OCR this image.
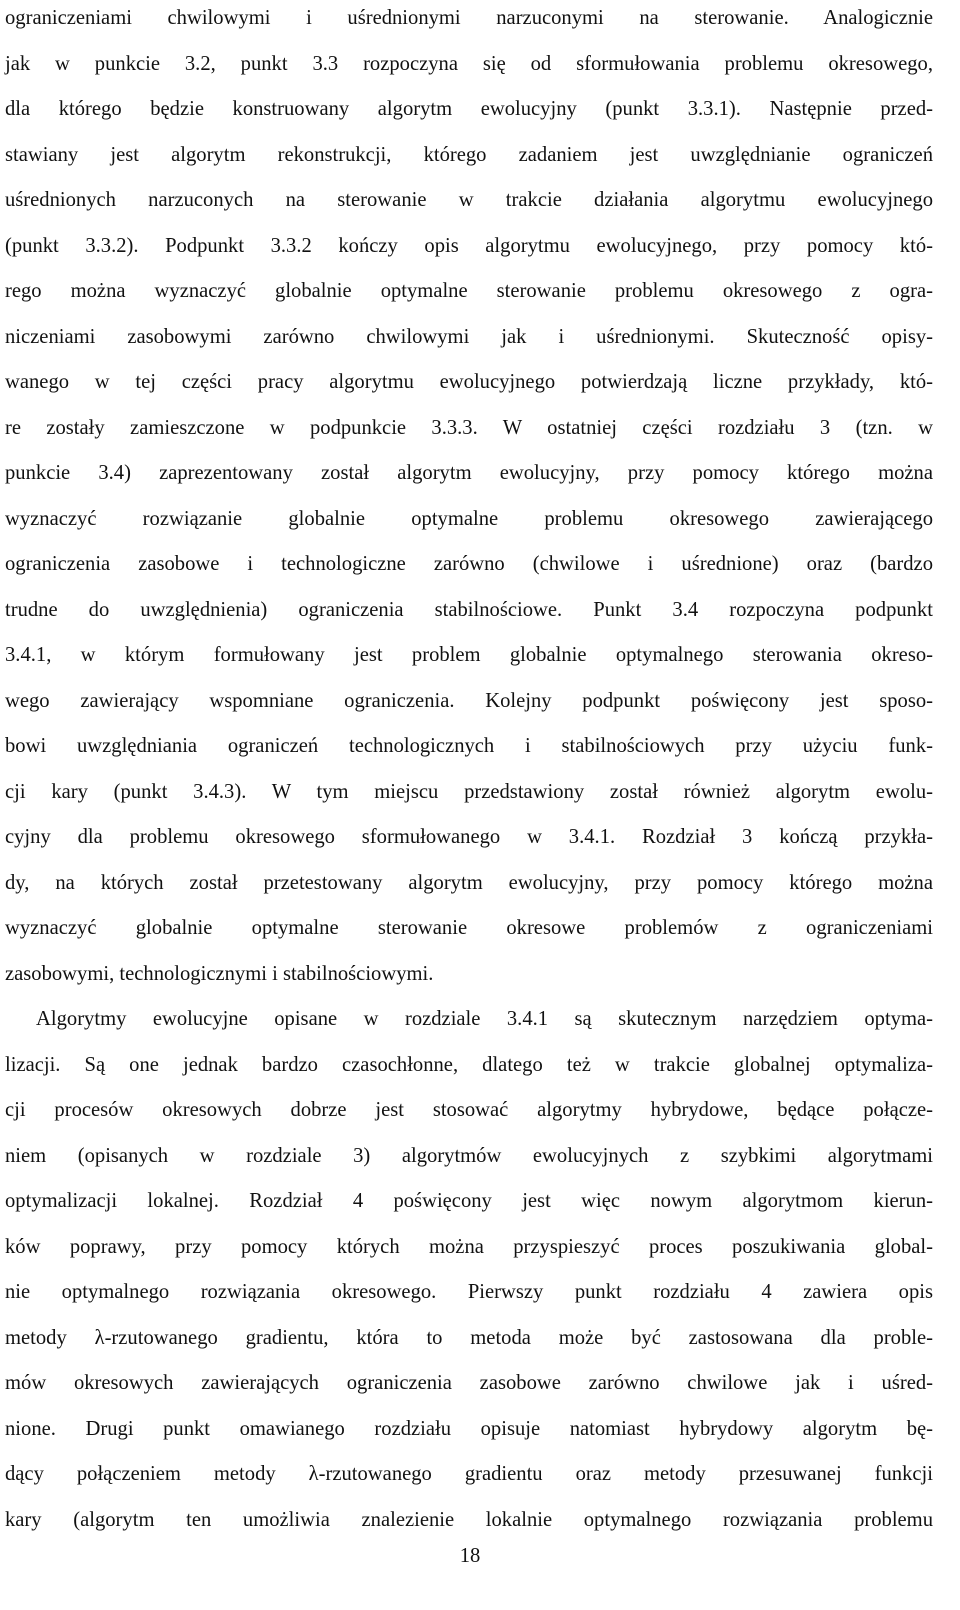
ograniczeniami chwilowymi i uśrednionymi narzuconymi na sterowanie. Analogicznie
jak w punkcie 3.2, punkt 3.3 rozpoczyna się od sformułowania problemu okresowego,
dla którego będzie konstruowany algorytm ewolucyjny (punkt 3.3.1). Następnie przed-
stawiany jest algorytm rekonstrukcji, którego zadaniem jest uwzględnianie ograniczeń
uśrednionych narzuconych na sterowanie w trakcie działania algorytmu ewolucyjnego
(punkt 3.3.2). Podpunkt 3.3.2 kończy opis algorytmu ewolucyjnego, przy pomocy któ-
rego można wyznaczyć globalnie optymalne sterowanie problemu okresowego z ogra-
niczeniami zasobowymi zarówno chwilowymi jak i uśrednionymi. Skuteczność opisy-
wanego w tej części pracy algorytmu ewolucyjnego potwierdzają liczne przykłady, któ-
re zostały zamieszczone w podpunkcie 3.3.3. W ostatniej części rozdziału 3 (tzn. w
punkcie 3.4) zaprezentowany został algorytm ewolucyjny, przy pomocy którego można
wyznaczyć rozwiązanie globalnie optymalne problemu okresowego zawierającego
ograniczenia zasobowe i technologiczne zarówno (chwilowe i uśrednione) oraz (bardzo
trudne do uwzględnienia) ograniczenia stabilnościowe. Punkt 3.4 rozpoczyna podpunkt
3.4.1, w którym formułowany jest problem globalnie optymalnego sterowania okreso-
wego zawierający wspomniane ograniczenia. Kolejny podpunkt poświęcony jest sposo-
bowi uwzględniania ograniczeń technologicznych i stabilnościowych przy użyciu funk-
cji kary (punkt 3.4.3). W tym miejscu przedstawiony został również algorytm ewolu-
cyjny dla problemu okresowego sformułowanego w 3.4.1. Rozdział 3 kończą przykła-
dy, na których został przetestowany algorytm ewolucyjny, przy pomocy którego można
wyznaczyć globalnie optymalne sterowanie okresowe problemów z ograniczeniami
zasobowymi, technologicznymi i stabilnościowymi.
Algorytmy ewolucyjne opisane w rozdziale 3.4.1 są skutecznym narzędziem optyma-
lizacji. Są one jednak bardzo czasochłonne, dlatego też w trakcie globalnej optymaliza-
cji procesów okresowych dobrze jest stosować algorytmy hybrydowe, będące połącze-
niem (opisanych w rozdziale 3) algorytmów ewolucyjnych z szybkimi algorytmami
optymalizacji lokalnej. Rozdział 4 poświęcony jest więc nowym algorytmom kierun-
ków poprawy, przy pomocy których można przyspieszyć proces poszukiwania global-
nie optymalnego rozwiązania okresowego. Pierwszy punkt rozdziału 4 zawiera opis
metody λ-rzutowanego gradientu, która to metoda może być zastosowana dla proble-
mów okresowych zawierających ograniczenia zasobowe zarówno chwilowe jak i uśred-
nione. Drugi punkt omawianego rozdziału opisuje natomiast hybrydowy algorytm bę-
dący połączeniem metody λ-rzutowanego gradientu oraz metody przesuwanej funkcji
kary (algorytm ten umożliwia znalezienie lokalnie optymalnego rozwiązania problemu
18
